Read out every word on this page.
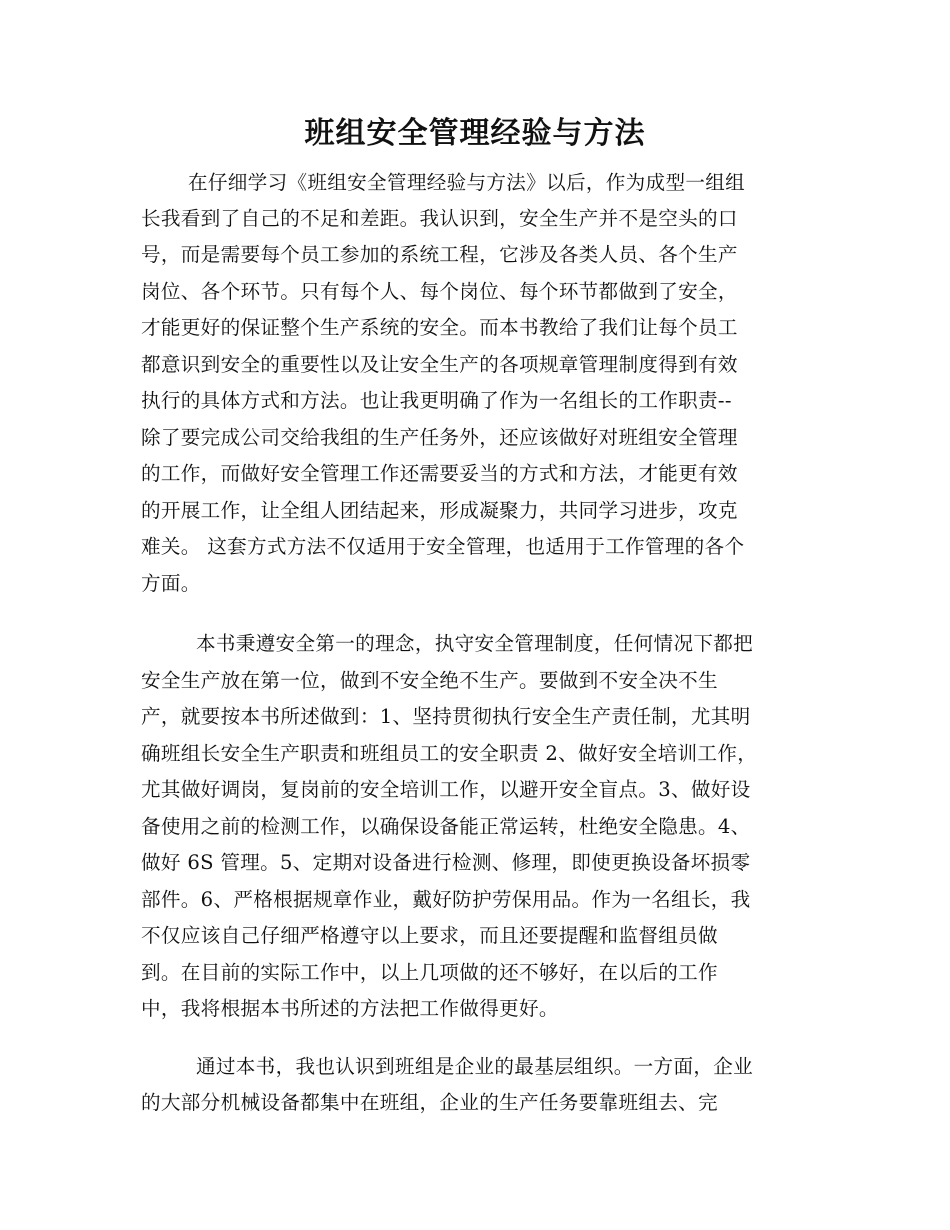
班组安全管理经验与方法
在仔细学习《班组安全管理经验与方法》以后，作为成型一组组
长我看到了自己的不足和差距。我认识到，安全生产并不是空头的口
号，而是需要每个员工参加的系统工程，它涉及各类人员、各个生产
岗位、各个环节。只有每个人、每个岗位、每个环节都做到了安全，
才能更好的保证整个生产系统的安全。而本书教给了我们让每个员工
都意识到安全的重要性以及让安全生产的各项规章管理制度得到有效
执行的具体方式和方法。也让我更明确了作为一名组长的工作职责--
除了要完成公司交给我组的生产任务外，还应该做好对班组安全管理
的工作，而做好安全管理工作还需要妥当的方式和方法，才能更有效
的开展工作，让全组人团结起来，形成凝聚力，共同学习进步，攻克
难关。 这套方式方法不仅适用于安全管理，也适用于工作管理的各个
方面。
本书秉遵安全第一的理念，执守安全管理制度，任何情况下都把
安全生产放在第一位，做到不安全绝不生产。要做到不安全决不生
产，就要按本书所述做到：1、坚持贯彻执行安全生产责任制，尤其明
确班组长安全生产职责和班组员工的安全职责 2、做好安全培训工作，
尤其做好调岗，复岗前的安全培训工作，以避开安全盲点。3、做好设
备使用之前的检测工作，以确保设备能正常运转，杜绝安全隐患。4、
做好 6S 管理。5、定期对设备进行检测、修理，即使更换设备坏损零
部件。6、严格根据规章作业，戴好防护劳保用品。作为一名组长，我
不仅应该自己仔细严格遵守以上要求，而且还要提醒和监督组员做
到。在目前的实际工作中，以上几项做的还不够好，在以后的工作
中，我将根据本书所述的方法把工作做得更好。
通过本书，我也认识到班组是企业的最基层组织。一方面，企业
的大部分机械设备都集中在班组，企业的生产任务要靠班组去、完
